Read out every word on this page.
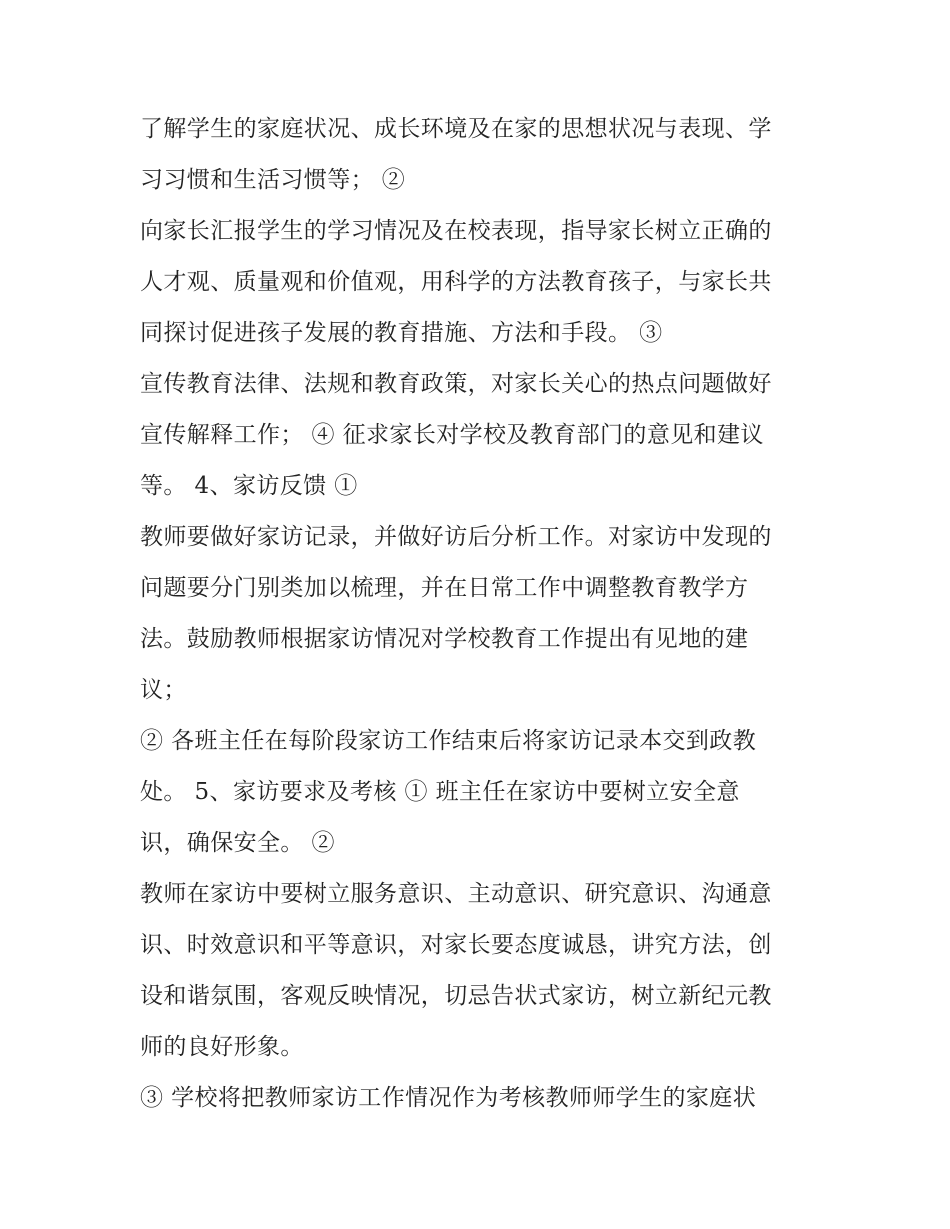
了解学生的家庭状况、成长环境及在家的思想状况与表现、学

习习惯和生活习惯等； ②

向家长汇报学生的学习情况及在校表现，指导家长树立正确的

人才观、质量观和价值观，用科学的方法教育孩子，与家长共

同探讨促进孩子发展的教育措施、方法和手段。 ③

宣传教育法律、法规和教育政策，对家长关心的热点问题做好

宣传解释工作； ④ 征求家长对学校及教育部门的意见和建议

等。 4、家访反馈 ①

教师要做好家访记录，并做好访后分析工作。对家访中发现的

问题要分门别类加以梳理，并在日常工作中调整教育教学方

法。鼓励教师根据家访情况对学校教育工作提出有见地的建

议；

② 各班主任在每阶段家访工作结束后将家访记录本交到政教

处。 5、家访要求及考核 ① 班主任在家访中要树立安全意

识，确保安全。 ②

教师在家访中要树立服务意识、主动意识、研究意识、沟通意

识、时效意识和平等意识，对家长要态度诚恳，讲究方法，创

设和谐氛围，客观反映情况，切忌告状式家访，树立新纪元教

师的良好形象。

③ 学校将把教师家访工作情况作为考核教师师学生的家庭状
